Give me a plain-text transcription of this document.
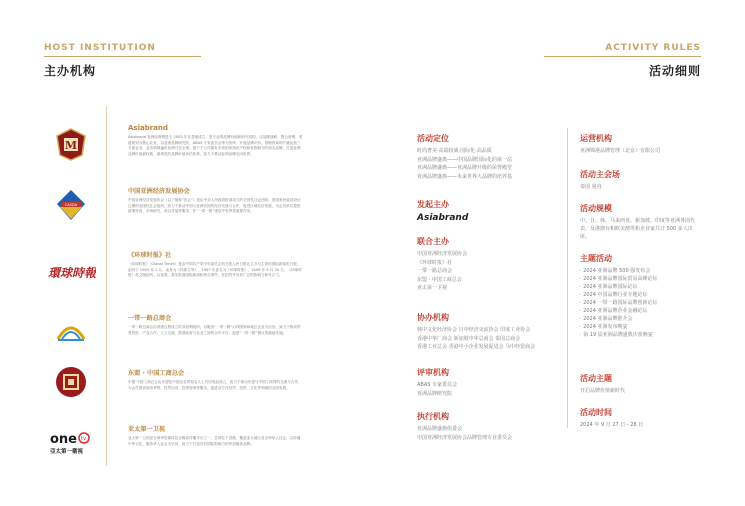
HOST INSTITUTION
主办机构
M
CASDA
環球時報
one tv
亞太第一衛視
Asiabrand
Asiabrand 亚洲品牌网是于 2003 年在香港成立，是专业的品牌价值和研究机构，以品牌战略、整合营销、渠道规划为核心业务，以亚洲品牌研究院、ABAS 专家委员会等为智库，开展品牌评价、管理咨询和产融运营三方面业务，业务领域遍布亚洲乃至全球。旗下子公司拥有多项国家知识产权和有影响力的知名品牌，打造亚洲品牌价值最权威、最规范的品牌价值评估体系，致力于推动亚洲品牌走向世界。
中国亚洲经济发展协会
中国亚洲经济发展协会（以下简称“协会”）是由中央人民政府批准成立的全国性社会团体，是国家民政部登记注册的全国性社会组织，致力于推动中国与亚洲各国的经济交流与合作，促进区域经济发展，为会员单位提供政策咨询、市场研究、项目对接等服务，在“一带一路”建设中发挥着重要作用。
《环球时报》社
《环球时报》（Global Times）是由中国共产党中央委员会机关报人民日报社主办与主管的国际新闻类日报，创刊于 1993 年 1 月，前身为《环球文萃》，1997 年更名为《环球时报》，2009 年 4 月 20 日，《环球时报》英文版创刊。以客观、真实报道国际新闻和热点事件，在国内外具有广泛的影响力和号召力。
一带一路总商会
一带一路总商会由香港注册成立的非营利组织，以服务“一带一路”沿线国家和地区企业为宗旨，致力于推动贸易投资、产业合作、人文交流，搭建政府与企业之间的合作平台，促进“一带一路”倡议的落地实施。
东盟 · 中国工商总会
东盟·中国工商总会由东盟及中国企业界知名人士共同发起成立，致力于推动东盟与中国工商界的交流与合作，为会员提供商务考察、经贸洽谈、投资咨询等服务，促进双方在经贸、投资、文化等领域的全面发展。
亚太第一卫视
亚太第一卫视是全球华语媒体及全媒体传播平台之一，总部位于香港，覆盖亚太地区及全球华人社会，以传播中华文化、服务华人社会为宗旨，致力于打造具有国际影响力的华语媒体品牌。
ACTIVITY RULES
活动细则
活动定位
时尚奢美·高端权威·国际化·高品质
亚洲品牌盛典——中国品牌国际化的第一站
亚洲品牌盛典——亚洲品牌升级的荣誉殿堂
亚洲品牌盛典——未来世界大品牌的培养基
发起主办
Asiabrand
联合主办
中国亚洲经济发展协会
《环球时报》社
一带一路总商会
东盟 · 中国工商总会
亚太第一卫视
协办机构
韩中文化经济协会 日中经济交流协会 印度工业协会
香港中华厂商会 新加坡中华总商会 泰国总商会
香港工业总会 香港中小企业发展促进会 马中经贸商会
评审机构
ABAS 专家委员会
亚洲品牌研究院
执行机构
亚洲品牌盛典组委会
中国亚洲经济发展协会品牌管理专业委员会
运营机构
亚洲锦港品牌管理（北京）有限公司
活动主会场
泰国 曼谷
活动规模
中、日、韩、马来西亚、新加坡、印度等亚洲各国代表，及港澳台和欧美澳等和企业家共计 500 多人出席。
主题活动
· 2024 亚洲品牌 500 强发布会
· 2024 亚洲品牌国际贸易高峰论坛
· 2024 亚洲品牌国际论坛
· 2024 中国品牌行业专题论坛
· 2024 一带一路国际品牌创新论坛
· 2024 亚洲品牌企业金融论坛
· 2024 亚洲品牌推介会
· 2024 亚洲发布晚宴
· 第 19 届亚洲品牌盛典庆祝晚宴
活动主题
开启品牌价值新时代
活动时间
2024 年 9 月 27 日 - 28 日
